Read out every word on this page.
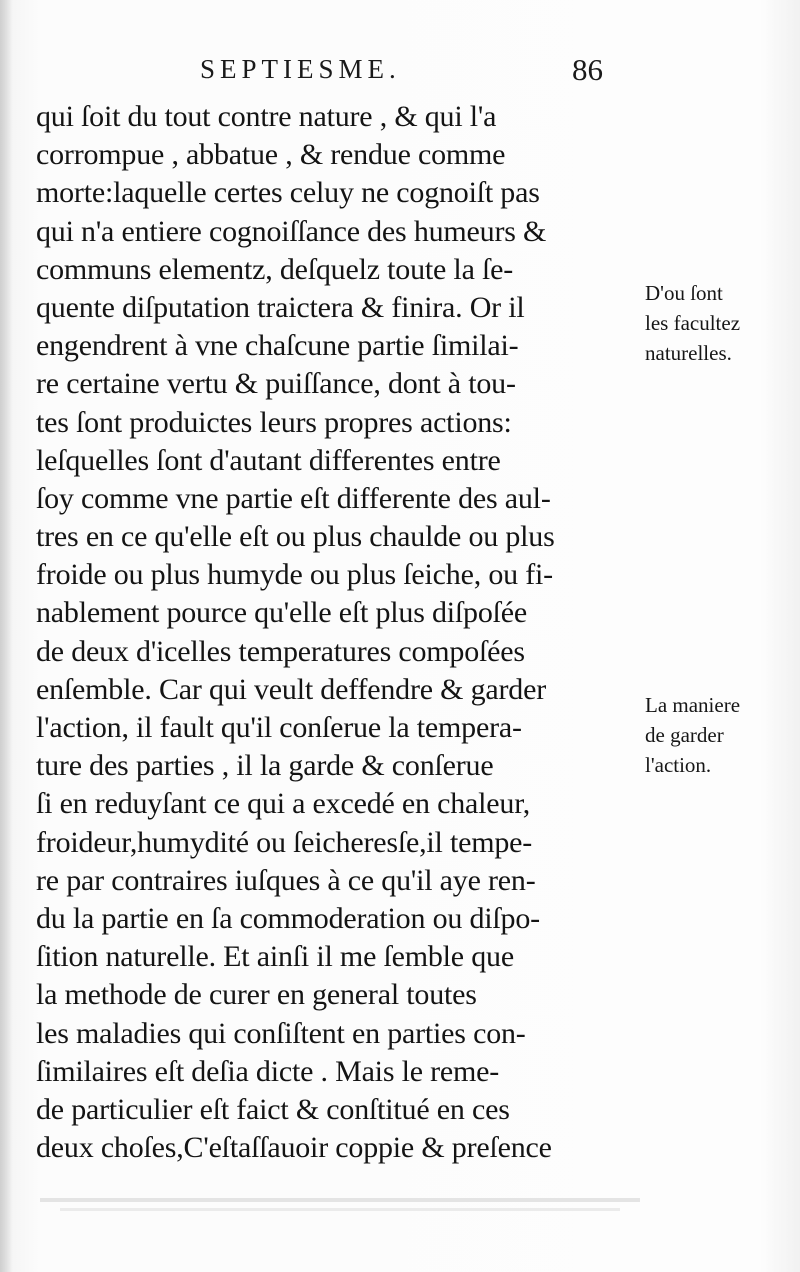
SEPTIESME.	86
qui ſoit du tout contre nature , & qui l'a
corrompue , abbatue , & rendue comme
morte:laquelle certes celuy ne cognoiſt pas
qui n'a entiere cognoiſſance des humeurs &
communs elementz, deſquelz toute la ſe-
quente diſputation traictera & finira. Or il
engendrent à vne chaſcune partie ſimilai-
re certaine vertu & puiſſance, dont à tou-
tes ſont produictes leurs propres actions:
leſquelles ſont d'autant differentes entre
ſoy comme vne partie eſt differente des aul-
tres en ce qu'elle eſt ou plus chaulde ou plus
froide ou plus humyde ou plus ſeiche, ou fi-
nablement pource qu'elle eſt plus diſpoſée
de deux d'icelles temperatures compoſées
enſemble. Car qui veult deffendre & garder
l'action, il fault qu'il conſerue la tempera-
ture des parties , il la garde & conſerue
ſi en reduyſant ce qui a excedé en chaleur,
froideur,humydité ou ſeicheresſe,il tempe-
re par contraires iuſques à ce qu'il aye ren-
du la partie en ſa commoderation ou diſpo-
ſition naturelle. Et ainſi il me ſemble que
la methode de curer en general toutes
les maladies qui conſiſtent en parties con-
ſimilaires eſt deſia dicte . Mais le reme-
de particulier eſt faict & conſtitué en ces
deux choſes,C'eſtaſſauoir coppie & preſence
D'ou ſont
les facultez
naturelles.
La maniere
de garder
l'action.
